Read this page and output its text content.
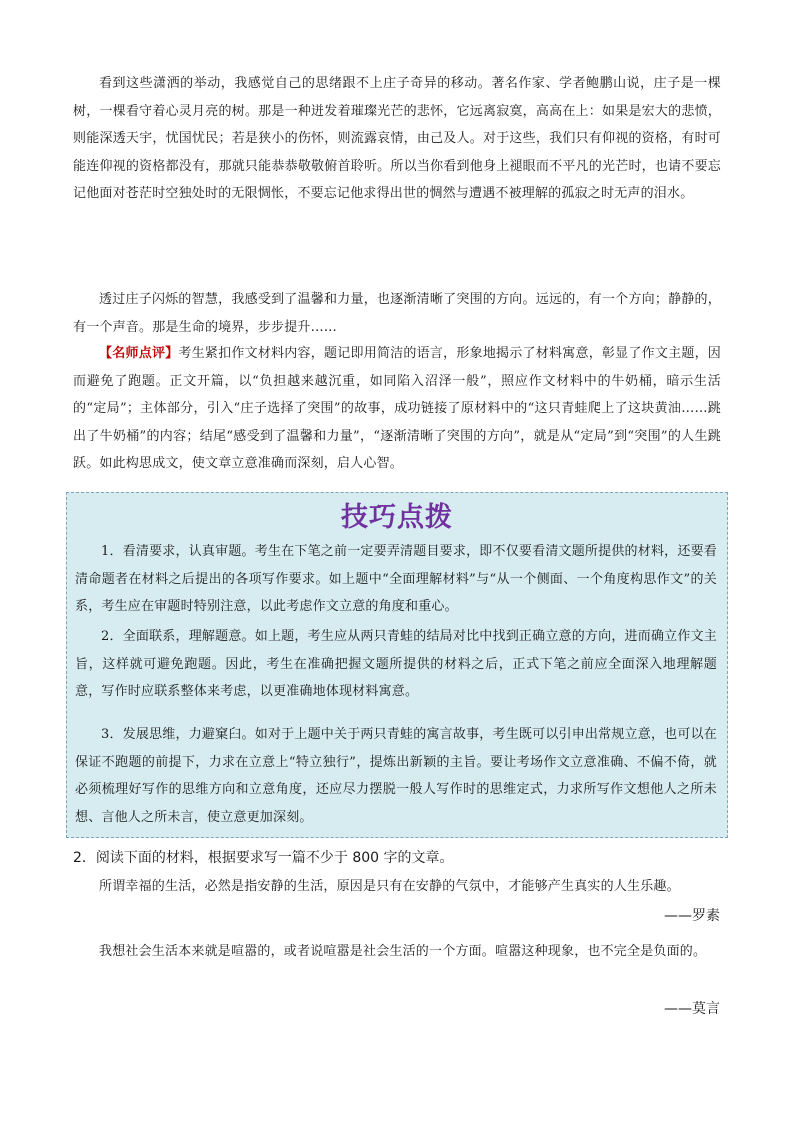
看到这些潇洒的举动，我感觉自己的思绪跟不上庄子奇异的移动。著名作家、学者鲍鹏山说，庄子是一棵树，一棵看守着心灵月亮的树。那是一种迸发着璀璨光芒的悲怀，它远离寂寞，高高在上：如果是宏大的悲愤，则能深透天宇，忧国忧民；若是狭小的伤怀，则流露哀情，由己及人。对于这些，我们只有仰视的资格，有时可能连仰视的资格都没有，那就只能恭恭敬敬俯首聆听。所以当你看到他身上褪眼而不平凡的光芒时，也请不要忘记他面对苍茫时空独处时的无限惆怅，不要忘记他求得出世的惆然与遭遇不被理解的孤寂之时无声的泪水。

透过庄子闪烁的智慧，我感受到了温馨和力量，也逐渐清晰了突围的方向。远远的，有一个方向；静静的，有一个声音。那是生命的境界，步步提升……

【名师点评】考生紧扣作文材料内容，题记即用简洁的语言，形象地揭示了材料寓意，彰显了作文主题，因而避免了跑题。正文开篇，以“负担越来越沉重，如同陷入沼泽一般”，照应作文材料中的牛奶桶，暗示生活的“定局”；主体部分，引入“庄子选择了突围”的故事，成功链接了原材料中的“这只青蛙爬上了这块黄油……跳出了牛奶桶”的内容；结尾“感受到了温馨和力量”，“逐渐清晰了突围的方向”，就是从“定局”到“突围”的人生跳跃。如此构思成文，使文章立意准确而深刻，启人心智。

技巧点拨

1．看清要求，认真审题。考生在下笔之前一定要弄清题目要求，即不仅要看清文题所提供的材料，还要看清命题者在材料之后提出的各项写作要求。如上题中“全面理解材料”与“从一个侧面、一个角度构思作文”的关系，考生应在审题时特别注意，以此考虑作文立意的角度和重心。

2．全面联系，理解题意。如上题，考生应从两只青蛙的结局对比中找到正确立意的方向，进而确立作文主旨，这样就可避免跑题。因此，考生在准确把握文题所提供的材料之后，正式下笔之前应全面深入地理解题意，写作时应联系整体来考虑，以更准确地体现材料寓意。

3．发展思维，力避窠臼。如对于上题中关于两只青蛙的寓言故事，考生既可以引申出常规立意，也可以在保证不跑题的前提下，力求在立意上“特立独行”，提炼出新颖的主旨。要让考场作文立意准确、不偏不倚，就必须梳理好写作的思维方向和立意角度，还应尽力摆脱一般人写作时的思维定式，力求所写作文想他人之所未想、言他人之所未言，使立意更加深刻。

2．阅读下面的材料，根据要求写一篇不少于 800 字的文章。

所谓幸福的生活，必然是指安静的生活，原因是只有在安静的气氛中，才能够产生真实的人生乐趣。

——罗素

我想社会生活本来就是喧嚣的，或者说喧嚣是社会生活的一个方面。喧嚣这种现象，也不完全是负面的。

——莫言
